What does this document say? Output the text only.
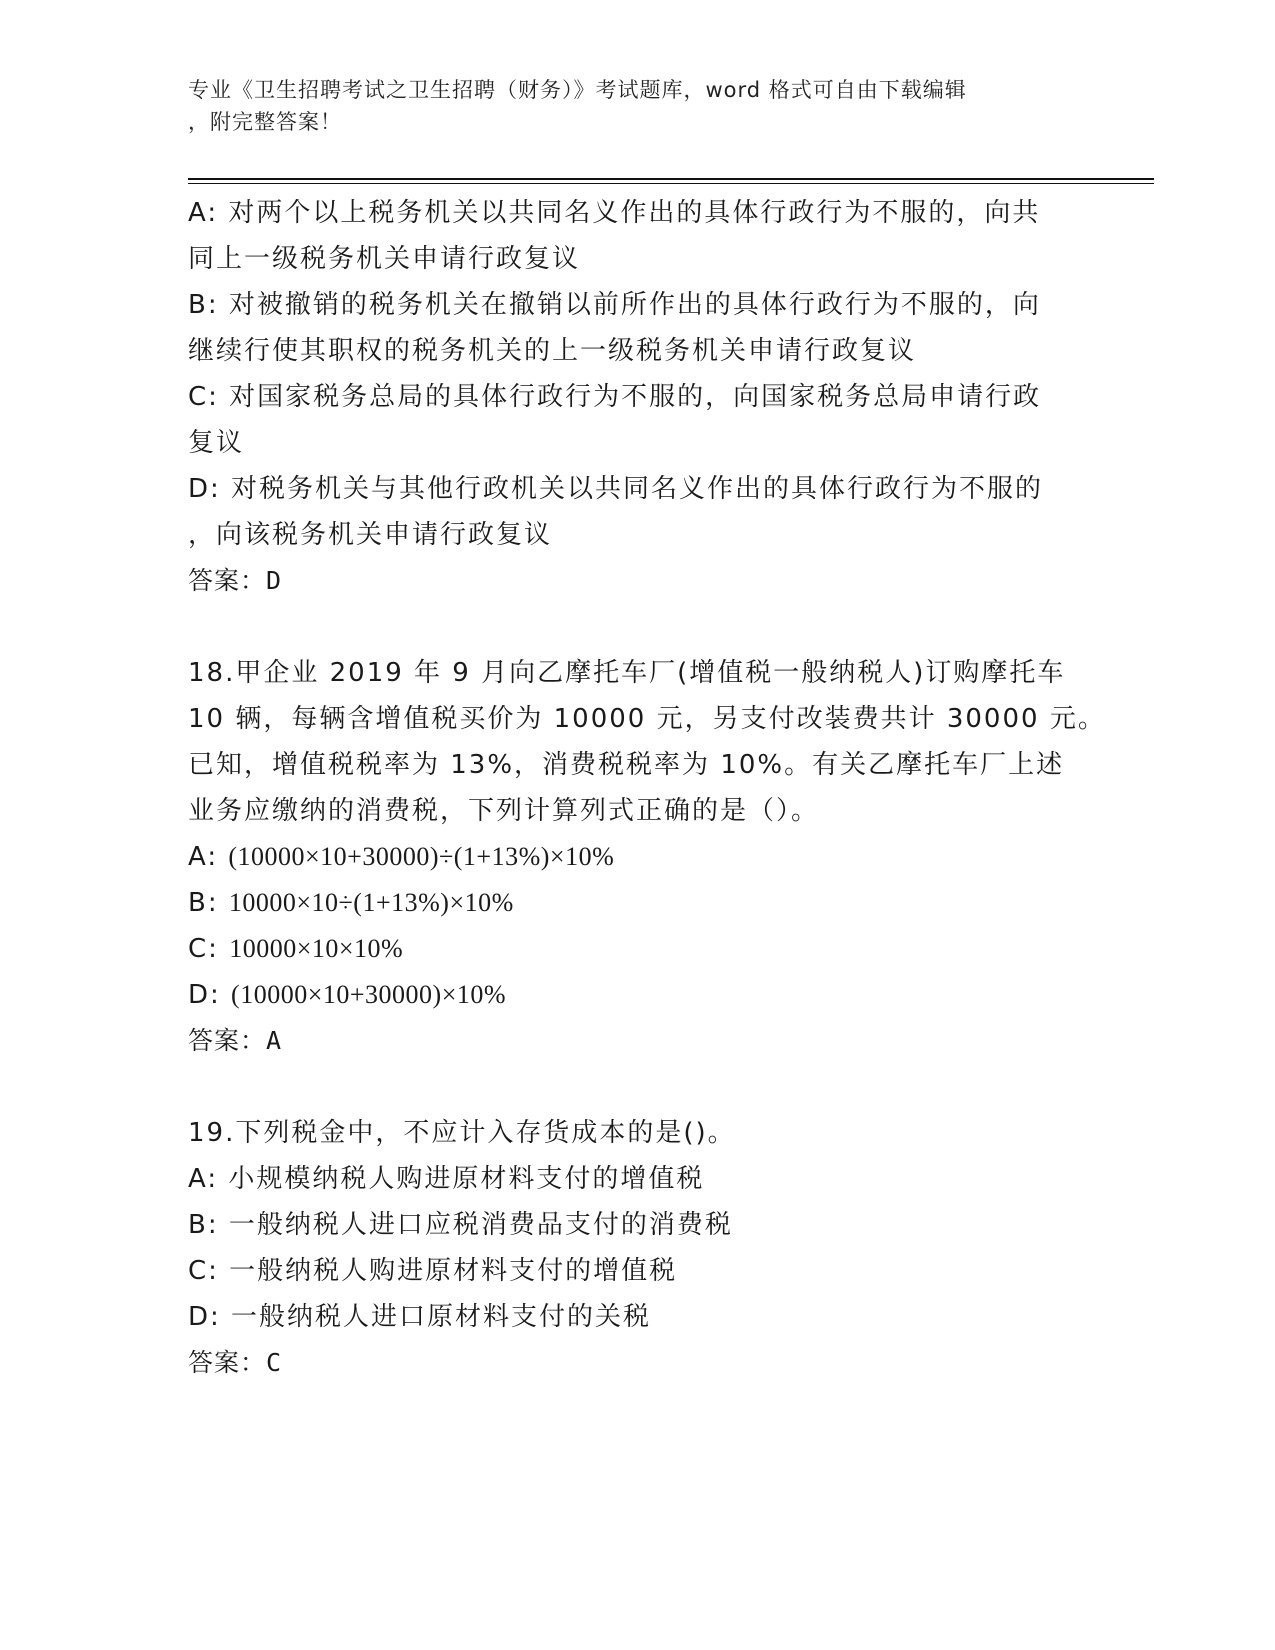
专业《卫生招聘考试之卫生招聘（财务）》考试题库，word 格式可自由下载编辑
，附完整答案！
A: 对两个以上税务机关以共同名义作出的具体行政行为不服的，向共
同上一级税务机关申请行政复议
B: 对被撤销的税务机关在撤销以前所作出的具体行政行为不服的，向
继续行使其职权的税务机关的上一级税务机关申请行政复议
C: 对国家税务总局的具体行政行为不服的，向国家税务总局申请行政
复议
D: 对税务机关与其他行政机关以共同名义作出的具体行政行为不服的
，向该税务机关申请行政复议
答案：D
18.甲企业 2019 年 9 月向乙摩托车厂(增值税一般纳税人)订购摩托车
10 辆，每辆含增值税买价为 10000 元，另支付改装费共计 30000 元。
已知，增值税税率为 13%，消费税税率为 10%。有关乙摩托车厂上述
业务应缴纳的消费税，下列计算列式正确的是（）。
A: (10000×10+30000)÷(1+13%)×10%
B: 10000×10÷(1+13%)×10%
C: 10000×10×10%
D: (10000×10+30000)×10%
答案：A
19.下列税金中，不应计入存货成本的是()。
A: 小规模纳税人购进原材料支付的增值税
B: 一般纳税人进口应税消费品支付的消费税
C: 一般纳税人购进原材料支付的增值税
D: 一般纳税人进口原材料支付的关税
答案：C
